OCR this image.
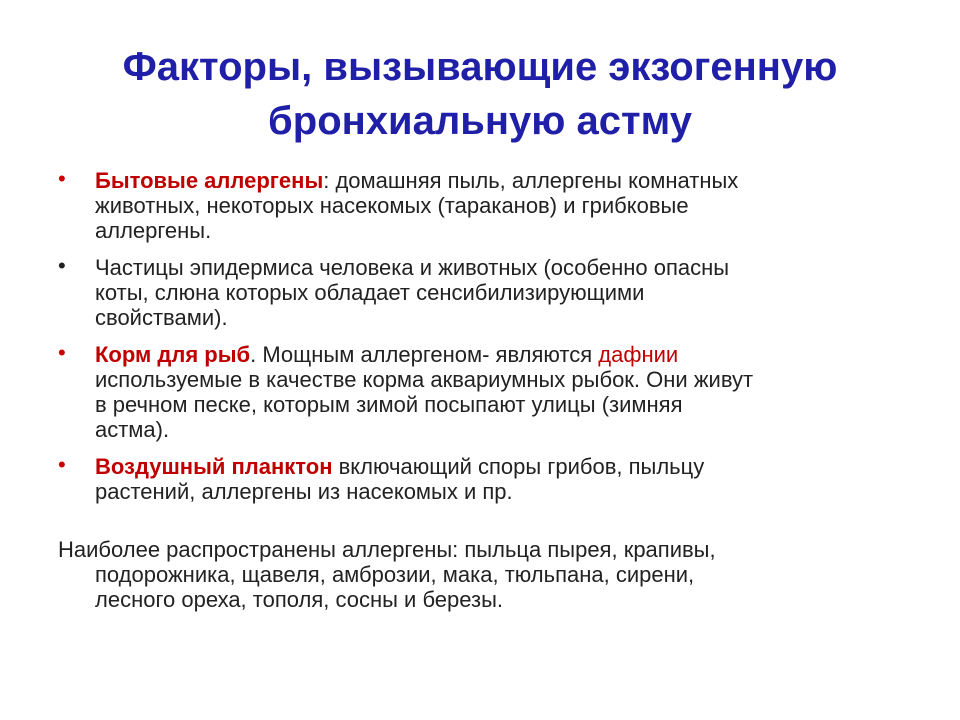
Факторы, вызывающие экзогенную
бронхиальную астму
• Бытовые аллергены: домашняя пыль, аллергены комнатных
животных, некоторых насекомых (тараканов) и грибковые
аллергены.
• Частицы эпидермиса человека и животных (особенно опасны
коты, слюна которых обладает сенсибилизирующими
свойствами).
• Корм для рыб. Мощным аллергеном- являются дафнии
используемые в качестве корма аквариумных рыбок. Они живут
в речном песке, которым зимой посыпают улицы (зимняя
астма).
• Воздушный планктон включающий споры грибов, пыльцу
растений, аллергены из насекомых и пр.
Наиболее распространены аллергены: пыльца пырея, крапивы,
подорожника, щавеля, амброзии, мака, тюльпана, сирени,
лесного ореха, тополя, сосны и березы.
